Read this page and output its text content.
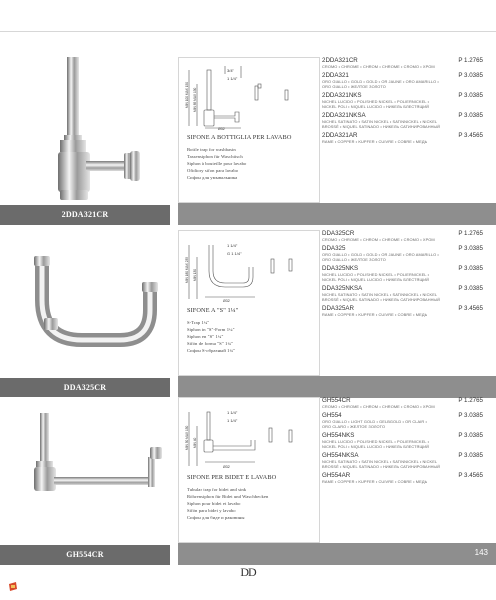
2DDA321CR
3/4"
1 1/4"
Ø32
MIN 100 MAX 150 MIN 85 MAX 130
SIFONE A BOTTIGLIA PER LAVABO
Bottle trap for washbasin
Tassensiphon für Waschtisch
Siphon à bouteille pour lavabo
Ofidiory sifon para lavabo
Сифон для умывальника
2DDA321CR	P 1.2765
CROMO • CHROME • CHROM • CHROME • CROMO • ХРОМ
2DDA321	P 3.0385
ORO GIALLO • GOLD • GOLD • OR JAUNE • ORO AMARILLO •
ORO GIALLO • ЖЕЛТОЕ ЗОЛОТО
2DDA321NKS	P 3.0385
NICHEL LUCIDO • POLISHED NICKEL • POLIERNICKEL •
NICKEL POLI • NIQUEL LUCIDO • НИКЕЛЬ БЛЕСТЯЩИЙ
2DDA321NKSA	P 3.0385
NICHEL SATINATO • SATIN NICKEL • SATINNICKEL • NICKEL
BROSSÉ • NIQUEL SATINADO • НИКЕЛЬ САТИНИРОВАННЫЙ
2DDA321AR	P 3.4565
RAME • COPPER • KUPFER • CUIVRE • COBRE • МЕДЬ
DDA325CR
1 1/4"
G 1 1/4"
Ø32
MIN 180 MAX 235 MIN 130
SIFONE A "S" 1¼"
S-Trap 1¼"
Siphon in "S"-Form 1¼"
Siphon en "S" 1¼"
Sifón de forma "S" 1¼"
Сифон S-образный 1¼"
DDA325CR	P 1.2765
CROMO • CHROME • CHROM • CHROME • CROMO • ХРОМ
DDA325	P 3.0385
ORO GIALLO • GOLD • GOLD • OR JAUNE • ORO AMARILLO •
ORO GIALLO • ЖЕЛТОЕ ЗОЛОТО
DDA325NKS	P 3.0385
NICHEL LUCIDO • POLISHED NICKEL • POLIERNICKEL •
NICKEL POLI • NIQUEL LUCIDO • НИКЕЛЬ БЛЕСТЯЩИЙ
DDA325NKSA	P 3.0385
NICHEL SATINATO • SATIN NICKEL • SATINNICKEL • NICKEL
BROSSÉ • NIQUEL SATINADO • НИКЕЛЬ САТИНИРОВАННЫЙ
DDA325AR	P 3.4565
RAME • COPPER • KUPFER • CUIVRE • COBRE • МЕДЬ
GH554CR
1 1/4"
1 1/4"
Ø32
MIN 50 MAX 150 MIN 40
SIFONE PER BIDET E LAVABO
Tubular trap for bidet and sink
Röhrensiphon für Bidet und Waschbecken
Siphon pour bidet et lavabo
Sifón para bidet y lavabo
Сифон для биде и раковины
GH554CR	P 1.2765
CROMO • CHROME • CHROM • CHROME • CROMO • ХРОМ
GH554	P 3.0385
ORO GIALLO • LIGHT GOLD • GELBGOLD • OR CLAIR •
ORO CLARO • ЖЕЛТОЕ ЗОЛОТО
GH554NKS	P 3.0385
NICHEL LUCIDO • POLISHED NICKEL • POLIERNICKEL •
NICKEL POLI • NIQUEL LUCIDO • НИКЕЛЬ БЛЕСТЯЩИЙ
GH554NKSA	P 3.0385
NICHEL SATINATO • SATIN NICKEL • SATINNICKEL • NICKEL
BROSSÉ • NIQUEL SATINADO • НИКЕЛЬ САТИНИРОВАННЫЙ
GH554AR	P 3.4565
RAME • COPPER • KUPFER • CUIVRE • COBRE • МЕДЬ
143
DD
